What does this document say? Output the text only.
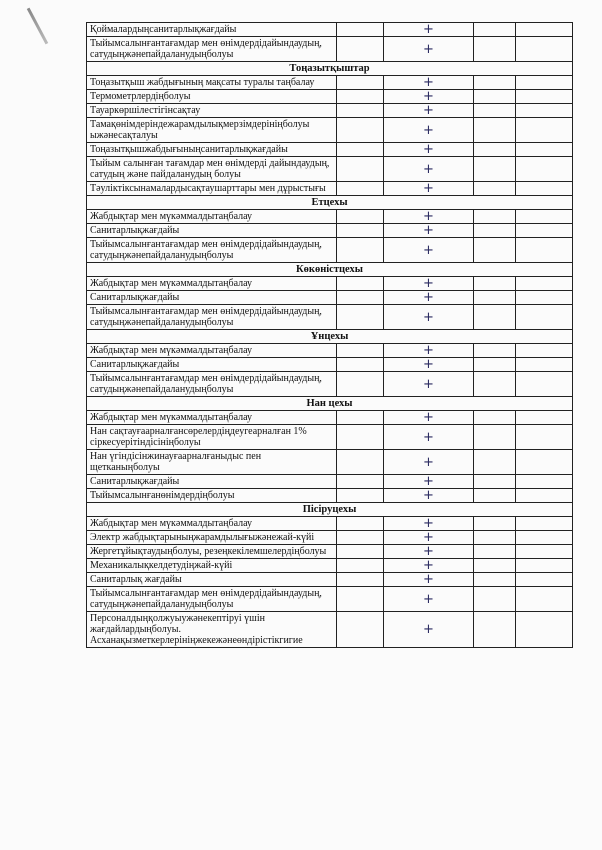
Қоймалардыңсанитарлықжағдайы		+		
Тыйымсалынғантағамдар мен өнімдердідайындаудың, сатудыңжәнепайдаланудыңболуы		+		
Тоңазытқыштар				
Тоңазытқыш жабдығының мақсаты туралы таңбалау		+		
Термометрлердіңболуы		+		
Тауаркөршілестігінсақтау		+		
Тамақөнімдеріндежарамдылықмерзімдерініңболуы ыжәнесақталуы		+		
Тоңазытқышжабдығыныңсанитарлықжағдайы		+		
Тыйым салынған тағамдар мен өнімдерді дайындаудың, сатудың және пайдаланудың болуы		+		
Тәуліктіксынамалардысақтаушарттары мен дұрыстығы		+		
Етцехы				
Жабдықтар мен мүкәммалдытаңбалау		+		
Санитарлықжағдайы		+		
Тыйымсалынғантағамдар мен өнімдердідайындаудың, сатудыңжәнепайдаланудыңболуы		+		
Көкөністцехы				
Жабдықтар мен мүкәммалдытаңбалау		+		
Санитарлықжағдайы		+		
Тыйымсалынғантағамдар мен өнімдердідайындаудың, сатудыңжәнепайдаланудыңболуы		+		
Ұнцехы				
Жабдықтар мен мүкәммалдытаңбалау		+		
Санитарлықжағдайы		+		
Тыйымсалынғантағамдар мен өнімдердідайындаудың, сатудыңжәнепайдаланудыңболуы		+		
Нан цехы				
Жабдықтар мен мүкәммалдытаңбалау		+		
Нан сақтауғаарналғансөрелердіңдеугеарналған 1% сіркесуерітіндісініңболуы		+		
Нан үгіндісінжинауғаарналғаныдыс пен щетканыңболуы		+		
Санитарлықжағдайы		+		
Тыйымсалынғанөнімдердіңболуы		+		
Пісіруцехы				
Жабдықтар мен мүкәммалдытаңбалау		+		
Электр жабдықтарыныңжарамдылығыжәнежай-күйі		+		
Жергетұйықтаудыңболуы, резеңкекілемшелердіңболуы		+		
Механикалықкелдетудіңжай-күйі		+		
Санитарлық жағдайы		+		
Тыйымсалынғантағамдар мен өнімдердідайындаудың, сатудыңжәнепайдаланудыңболуы		+		
Персоналдыңқолжуыужәнекептіруі үшін жағдайлардыңболуы. Асханақызметкерлерініңжекежәнеөндірістікгигие		+		
